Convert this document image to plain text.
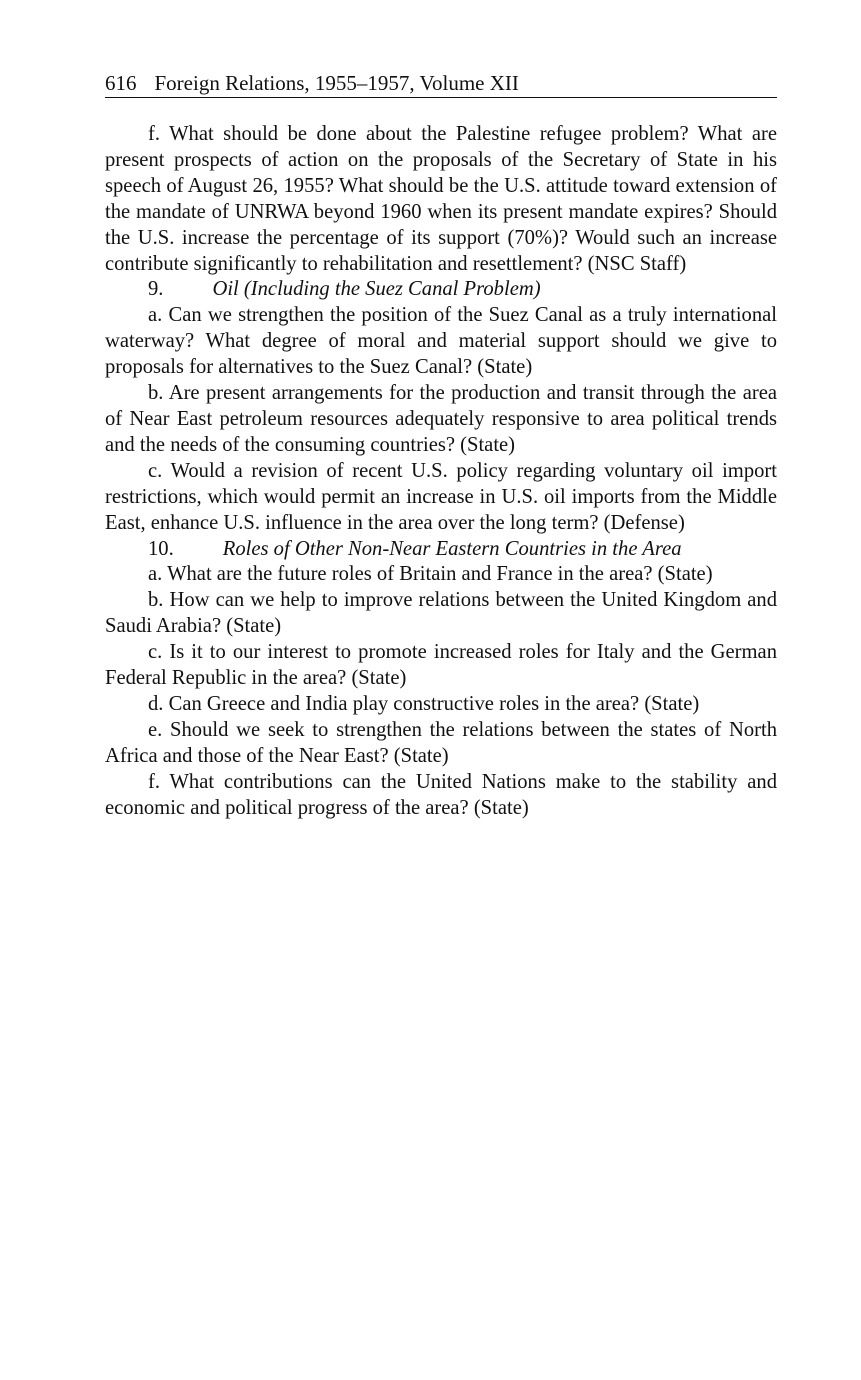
616 Foreign Relations, 1955–1957, Volume XII

f. What should be done about the Palestine refugee problem? What are present prospects of action on the proposals of the Secretary of State in his speech of August 26, 1955? What should be the U.S. attitude toward extension of the mandate of UNRWA beyond 1960 when its present mandate expires? Should the U.S. increase the percentage of its support (70%)? Would such an increase contribute significantly to rehabilitation and resettlement? (NSC Staff)

9.	Oil (Including the Suez Canal Problem)

a. Can we strengthen the position of the Suez Canal as a truly international waterway? What degree of moral and material support should we give to proposals for alternatives to the Suez Canal? (State)

b. Are present arrangements for the production and transit through the area of Near East petroleum resources adequately responsive to area political trends and the needs of the consuming countries? (State)

c. Would a revision of recent U.S. policy regarding voluntary oil import restrictions, which would permit an increase in U.S. oil imports from the Middle East, enhance U.S. influence in the area over the long term? (Defense)

10.	Roles of Other Non-Near Eastern Countries in the Area

a. What are the future roles of Britain and France in the area? (State)

b. How can we help to improve relations between the United Kingdom and Saudi Arabia? (State)

c. Is it to our interest to promote increased roles for Italy and the German Federal Republic in the area? (State)

d. Can Greece and India play constructive roles in the area? (State)

e. Should we seek to strengthen the relations between the states of North Africa and those of the Near East? (State)

f. What contributions can the United Nations make to the stability and economic and political progress of the area? (State)
